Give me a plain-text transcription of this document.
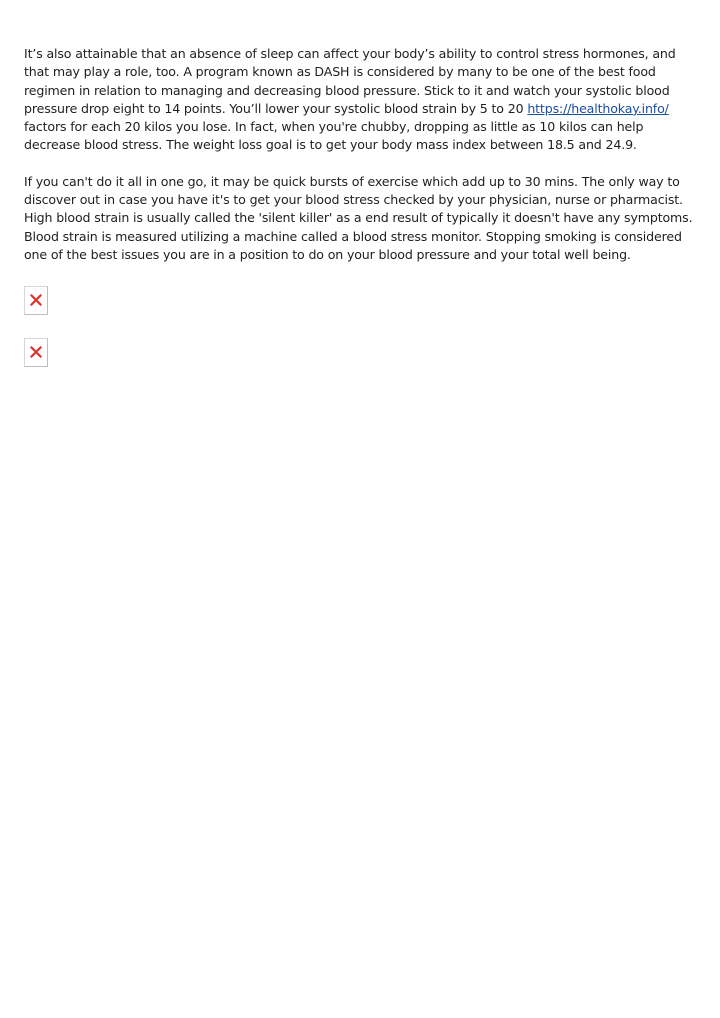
It’s also attainable that an absence of sleep can affect your body’s ability to control stress hormones, and that may play a role, too. A program known as DASH is considered by many to be one of the best food regimen in relation to managing and decreasing blood pressure. Stick to it and watch your systolic blood pressure drop eight to 14 points. You’ll lower your systolic blood strain by 5 to 20 https://healthokay.info/ factors for each 20 kilos you lose. In fact, when you're chubby, dropping as little as 10 kilos can help decrease blood stress. The weight loss goal is to get your body mass index between 18.5 and 24.9.

If you can't do it all in one go, it may be quick bursts of exercise which add up to 30 mins. The only way to discover out in case you have it's to get your blood stress checked by your physician, nurse or pharmacist. High blood strain is usually called the 'silent killer' as a end result of typically it doesn't have any symptoms. Blood strain is measured utilizing a machine called a blood stress monitor. Stopping smoking is considered one of the best issues you are in a position to do on your blood pressure and your total well being.
